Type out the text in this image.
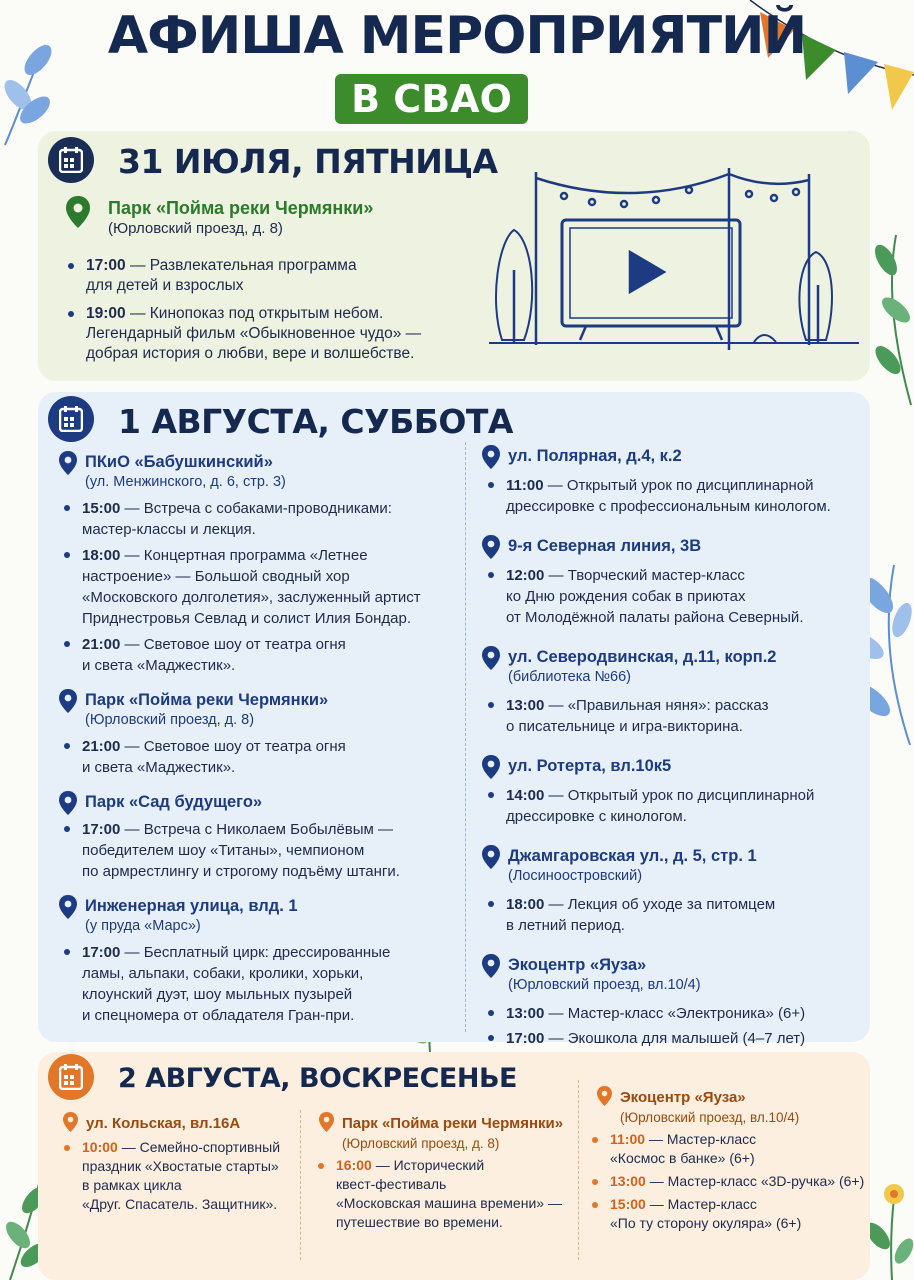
АФИША МЕРОПРИЯТИЙ
В СВАО
31 ИЮЛЯ, ПЯТНИЦА
Парк «Пойма реки Чермянки»
(Юрловский проезд, д. 8)
17:00 — Развлекательная программа
для детей и взрослых
19:00 — Кинопоказ под открытым небом.
Легендарный фильм «Обыкновенное чудо» —
добрая история о любви, вере и волшебстве.
1 АВГУСТА, СУББОТА
ПКиО «Бабушкинский»
(ул. Менжинского, д. 6, стр. 3)
15:00 — Встреча с собаками-проводниками:
мастер-классы и лекция.
18:00 — Концертная программа «Летнее
настроение» — Большой сводный хор
«Московского долголетия», заслуженный артист
Приднестровья Севлад и солист Илия Бондар.
21:00 — Световое шоу от театра огня
и света «Маджестик».
Парк «Пойма реки Чермянки»
(Юрловский проезд, д. 8)
21:00 — Световое шоу от театра огня
и света «Маджестик».
Парк «Сад будущего»
17:00 — Встреча с Николаем Бобылёвым —
победителем шоу «Титаны», чемпионом
по армрестлингу и строгому подъёму штанги.
Инженерная улица, влд. 1
(у пруда «Марс»)
17:00 — Бесплатный цирк: дрессированные
ламы, альпаки, собаки, кролики, хорьки,
клоунский дуэт, шоу мыльных пузырей
и спецномера от обладателя Гран-при.
ул. Полярная, д.4, к.2
11:00 — Открытый урок по дисциплинарной
дрессировке с профессиональным кинологом.
9-я Северная линия, 3В
12:00 — Творческий мастер-класс
ко Дню рождения собак в приютах
от Молодёжной палаты района Северный.
ул. Северодвинская, д.11, корп.2
(библиотека №66)
13:00 — «Правильная няня»: рассказ
о писательнице и игра-викторина.
ул. Ротерта, вл.10к5
14:00 — Открытый урок по дисциплинарной
дрессировке с кинологом.
Джамгаровская ул., д. 5, стр. 1
(Лосиноостровский)
18:00 — Лекция об уходе за питомцем
в летний период.
Экоцентр «Яуза»
(Юрловский проезд, вл.10/4)
13:00 — Мастер-класс «Электроника» (6+)
17:00 — Экошкола для малышей (4–7 лет)
2 АВГУСТА, ВОСКРЕСЕНЬЕ
ул. Кольская, вл.16А
10:00 — Семейно-спортивный
праздник «Хвостатые старты»
в рамках цикла
«Друг. Спасатель. Защитник».
Парк «Пойма реки Чермянки»
(Юрловский проезд, д. 8)
16:00 — Исторический
квест-фестиваль
«Московская машина времени» —
путешествие во времени.
Экоцентр «Яуза»
(Юрловский проезд, вл.10/4)
11:00 — Мастер-класс
«Космос в банке» (6+)
13:00 — Мастер-класс «3D-ручка» (6+)
15:00 — Мастер-класс
«По ту сторону окуляра» (6+)
